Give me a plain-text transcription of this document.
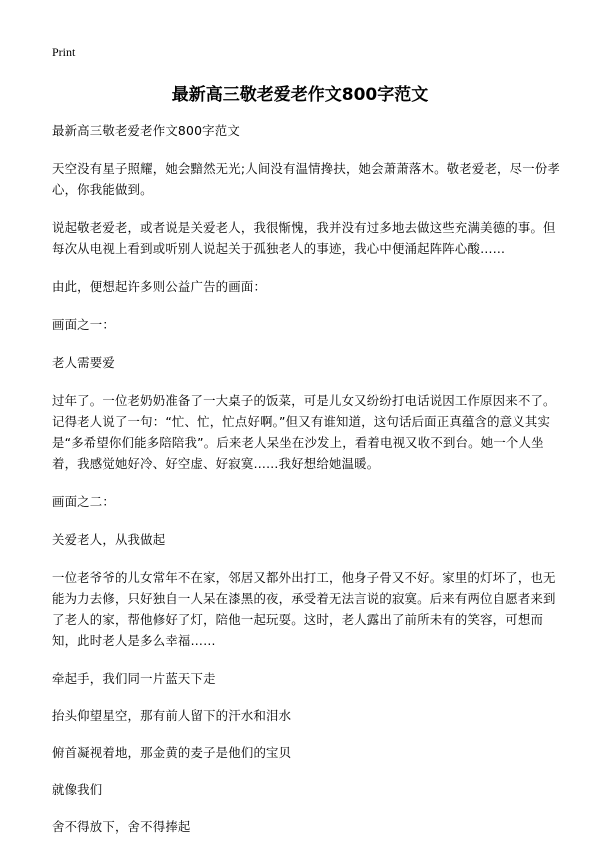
Print
最新高三敬老爱老作文800字范文

最新高三敬老爱老作文800字范文

天空没有星子照耀，她会黯然无光;人间没有温情搀扶，她会萧萧落木。敬老爱老，尽一份孝心，你我能做到。

说起敬老爱老，或者说是关爱老人，我很惭愧，我并没有过多地去做这些充满美德的事。但每次从电视上看到或听别人说起关于孤独老人的事迹，我心中便涌起阵阵心酸……

由此，便想起许多则公益广告的画面：

画面之一：

老人需要爱

过年了。一位老奶奶准备了一大桌子的饭菜，可是儿女又纷纷打电话说因工作原因来不了。记得老人说了一句：“忙、忙，忙点好啊。”但又有谁知道，这句话后面正真蕴含的意义其实是“多希望你们能多陪陪我”。后来老人呆坐在沙发上，看着电视又收不到台。她一个人坐着，我感觉她好冷、好空虚、好寂寞……我好想给她温暖。

画面之二：

关爱老人，从我做起

一位老爷爷的儿女常年不在家，邻居又都外出打工，他身子骨又不好。家里的灯坏了，也无能为力去修，只好独自一人呆在漆黑的夜，承受着无法言说的寂寞。后来有两位自愿者来到了老人的家，帮他修好了灯，陪他一起玩耍。这时，老人露出了前所未有的笑容，可想而知，此时老人是多么幸福……

牵起手，我们同一片蓝天下走

抬头仰望星空，那有前人留下的汗水和泪水

俯首凝视着地，那金黄的麦子是他们的宝贝

就像我们

舍不得放下，舍不得捧起
